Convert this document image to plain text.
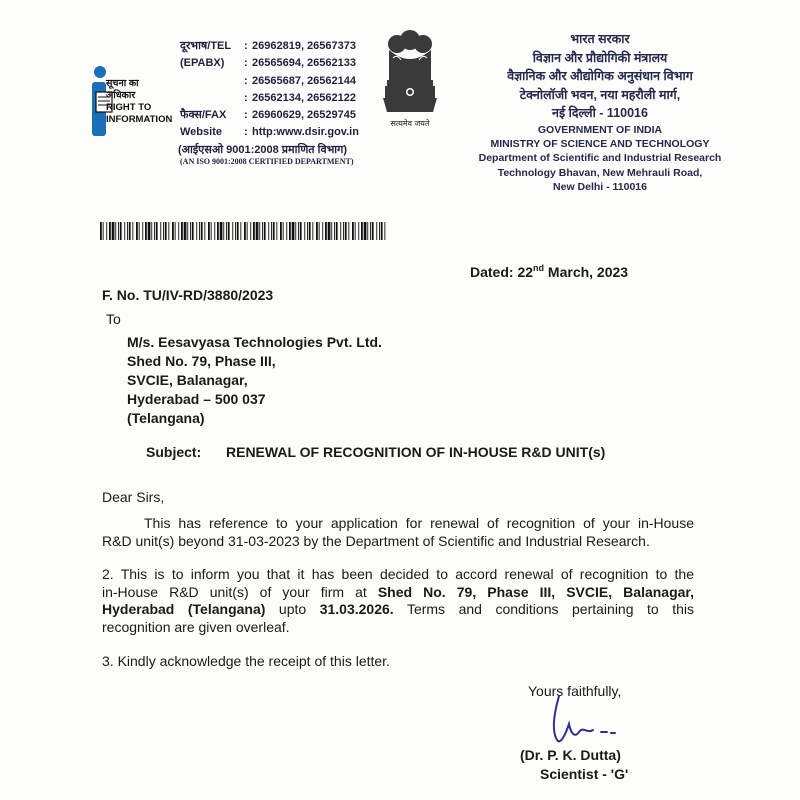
सूचना का
अधिकार
RIGHT TO
INFORMATION
दूरभाष/TEL : 26962819, 26567373
(EPABX) : 26565694, 26562133
: 26565687, 26562144
: 26562134, 26562122
फैक्स/FAX : 26960629, 26529745
Website : http:www.dsir.gov.in
(आईएसओ 9001:2008 प्रमाणित विभाग)
(AN ISO 9001:2008 CERTIFIED DEPARTMENT)
सत्यमेव जयते
भारत सरकार
विज्ञान और प्रौद्योगिकी मंत्रालय
वैज्ञानिक और औद्योगिक अनुसंधान विभाग
टेक्नोलॉजी भवन, नया महरौली मार्ग,
नई दिल्ली - 110016
GOVERNMENT OF INDIA
MINISTRY OF SCIENCE AND TECHNOLOGY
Department of Scientific and Industrial Research
Technology Bhavan, New Mehrauli Road,
New Delhi - 110016
Dated: 22nd March, 2023
F. No. TU/IV-RD/3880/2023
To
M/s. Eesavyasa Technologies Pvt. Ltd.
Shed No. 79, Phase III,
SVCIE, Balanagar,
Hyderabad – 500 037
(Telangana)
Subject: RENEWAL OF RECOGNITION OF IN-HOUSE R&D UNIT(s)
Dear Sirs,
This has reference to your application for renewal of recognition of your in-House
R&D unit(s) beyond 31-03-2023 by the Department of Scientific and Industrial Research.
2. This is to inform you that it has been decided to accord renewal of recognition to the
in-House R&D unit(s) of your firm at Shed No. 79, Phase III, SVCIE, Balanagar,
Hyderabad (Telangana) upto 31.03.2026. Terms and conditions pertaining to this
recognition are given overleaf.
3. Kindly acknowledge the receipt of this letter.
Yours faithfully,
(Dr. P. K. Dutta)
Scientist - 'G'
